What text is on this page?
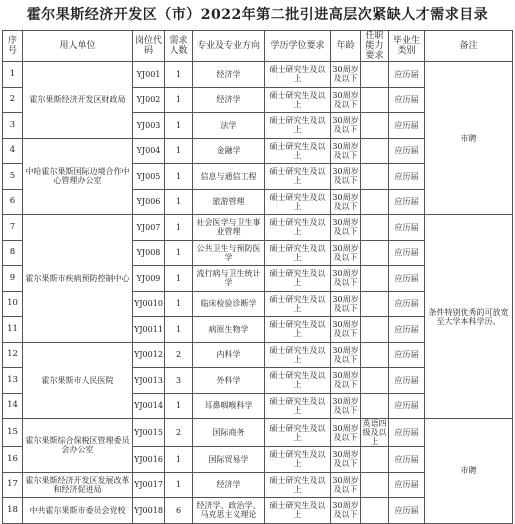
霍尔果斯经济开发区（市）2022年第二批引进高层次紧缺人才需求目录
序号	用人单位	岗位代码	需求人数	专业及专业方向	学历学位要求	年龄	任职能力要求	毕业生类别	备注
1	霍尔果斯经济开发区财政局	YJ001	1	经济学	硕士研究生及以上	30周岁及以下		应历届	市聘
2		YJ002	1	经济学	硕士研究生及以上	30周岁及以下		应历届	
3		YJ003	1	法学	硕士研究生及以上	30周岁及以下		应历届	
4	中哈霍尔果斯国际边境合作中心管理办公室	YJ004	1	金融学	硕士研究生及以上	30周岁及以下		应历届	
5		YJ005	1	信息与通信工程	硕士研究生及以上	30周岁及以下		应历届	
6		YJ006	1	旅游管理	硕士研究生及以上	30周岁及以下		应历届	
7	霍尔果斯市疾病预防控制中心	YJ007	1	社会医学与卫生事业管理	硕士研究生及以上	30周岁及以下		应历届	条件特别优秀的可放宽至大学本科学历。
8		YJ008	1	公共卫生与预防医学	硕士研究生及以上	30周岁及以下		应历届	
9		YJ009	1	流行病与卫生统计学	硕士研究生及以上	30周岁及以下		应历届	
10		YJ0010	1	临床检验诊断学	硕士研究生及以上	30周岁及以下		应历届	
11		YJ0011	1	病原生物学	硕士研究生及以上	30周岁及以下		应历届	
12	霍尔果斯市人民医院	YJ0012	2	内科学	硕士研究生及以上	30周岁及以下		应历届	
13		YJ0013	3	外科学	硕士研究生及以上	30周岁及以下		应历届	
14		YJ0014	1	耳鼻咽喉科学	硕士研究生及以上	30周岁及以下		应历届	
15	霍尔果斯综合保税区管理委员会办公室	YJ0015	2	国际商务	硕士研究生及以上	30周岁及以下	英语四级及以上	应历届	市聘
16		YJ0016	1	国际贸易学	硕士研究生及以上	30周岁及以下		应历届	
17	霍尔果斯经济开发区发展改革和经济促进局	YJ0017	1	经济学	硕士研究生及以上	30周岁及以下		应历届	
18	中共霍尔果斯市委员会党校	YJ0018	6	经济学、政治学、马克思主义理论	硕士研究生及以上	30周岁及以下		应历届	
